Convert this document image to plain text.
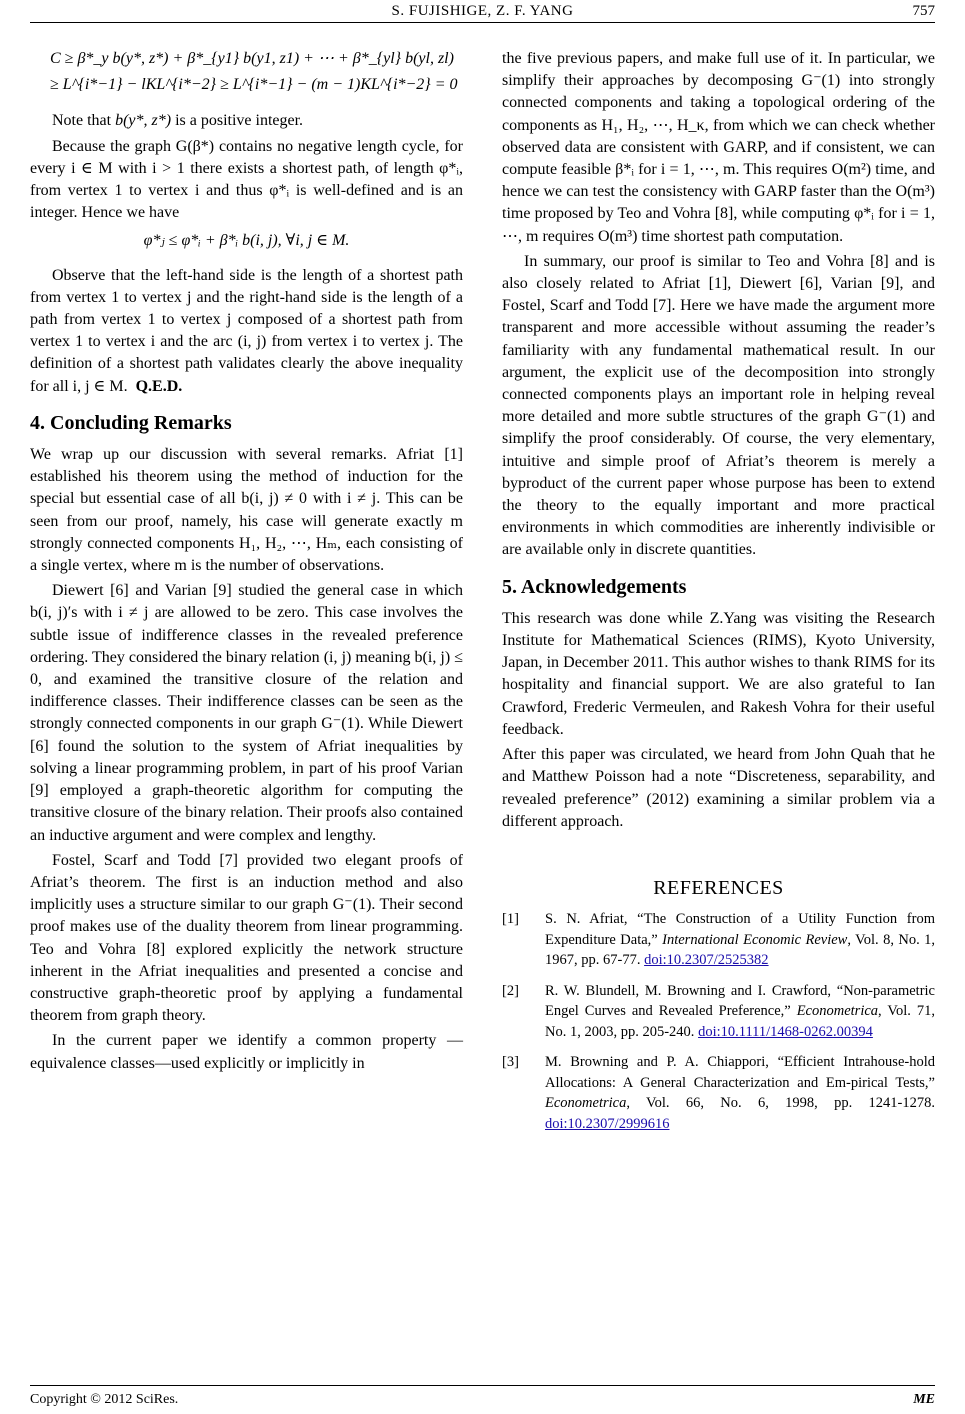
S. FUJISHIGE, Z. F. YANG	757
C ≥ β*_y b(y*, z*) + β*_{y1} b(y1, z1) + ⋯ + β*_{yl} b(yl, zl)
≥ L^{i*−1} − lKL^{i*−2} ≥ L^{i*−1} − (m − 1)KL^{i*−2} = 0

Note that b(y*, z*) is a positive integer.

Because the graph G(β*) contains no negative length cycle, for every i ∈ M with i > 1 there exists a shortest path, of length φ*ᵢ, from vertex 1 to vertex i and thus φ*ᵢ is well-defined and is an integer. Hence we have

φ*ⱼ ≤ φ*ᵢ + β*ᵢ b(i, j), ∀i, j ∈ M.

Observe that the left-hand side is the length of a shortest path from vertex 1 to vertex j and the right-hand side is the length of a path from vertex 1 to vertex j composed of a shortest path from vertex 1 to vertex i and the arc (i, j) from vertex i to vertex j. The definition of a shortest path validates clearly the above inequality for all i, j ∈ M. Q.E.D.

4. Concluding Remarks

We wrap up our discussion with several remarks. Afriat [1] established his theorem using the method of induction for the special but essential case of all b(i, j) ≠ 0 with i ≠ j. This can be seen from our proof, namely, his case will generate exactly m strongly connected components H₁, H₂, ⋯, Hₘ, each consisting of a single vertex, where m is the number of observations.

Diewert [6] and Varian [9] studied the general case in which b(i, j)′s with i ≠ j are allowed to be zero. This case involves the subtle issue of indifference classes in the revealed preference ordering. They considered the binary relation (i, j) meaning b(i, j) ≤ 0, and examined the transitive closure of the relation and indifference classes. Their indifference classes can be seen as the strongly connected components in our graph G⁻(1). While Diewert [6] found the solution to the system of Afriat inequalities by solving a linear programming problem, in part of his proof Varian [9] employed a graph-theoretic algorithm for computing the transitive closure of the binary relation. Their proofs also contained an inductive argument and were complex and lengthy.

Fostel, Scarf and Todd [7] provided two elegant proofs of Afriat’s theorem. The first is an induction method and also implicitly uses a structure similar to our graph G⁻(1). Their second proof makes use of the duality theorem from linear programming. Teo and Vohra [8] explored explicitly the network structure inherent in the Afriat inequalities and presented a concise and constructive graph-theoretic proof by applying a fundamental theorem from graph theory.

In the current paper we identify a common property —equivalence classes—used explicitly or implicitly in

the five previous papers, and make full use of it. In particular, we simplify their approaches by decomposing G⁻(1) into strongly connected components and taking a topological ordering of the components as H₁, H₂, ⋯, H_κ, from which we can check whether observed data are consistent with GARP, and if consistent, we can compute feasible β*ᵢ for i = 1, ⋯, m. This requires O(m²) time, and hence we can test the consistency with GARP faster than the O(m³) time proposed by Teo and Vohra [8], while computing φ*ᵢ for i = 1, ⋯, m requires O(m³) time shortest path computation.

In summary, our proof is similar to Teo and Vohra [8] and is also closely related to Afriat [1], Diewert [6], Varian [9], and Fostel, Scarf and Todd [7]. Here we have made the argument more transparent and more accessible without assuming the reader’s familiarity with any fundamental mathematical result. In our argument, the explicit use of the decomposition into strongly connected components plays an important role in helping reveal more detailed and more subtle structures of the graph G⁻(1) and simplify the proof considerably. Of course, the very elementary, intuitive and simple proof of Afriat’s theorem is merely a byproduct of the current paper whose purpose has been to extend the theory to the equally important and more practical environments in which commodities are inherently indivisible or are available only in discrete quantities.

5. Acknowledgements

This research was done while Z.Yang was visiting the Research Institute for Mathematical Sciences (RIMS), Kyoto University, Japan, in December 2011. This author wishes to thank RIMS for its hospitality and financial support. We are also grateful to Ian Crawford, Frederic Vermeulen, and Rakesh Vohra for their useful feedback.

After this paper was circulated, we heard from John Quah that he and Matthew Poisson had a note “Discreteness, separability, and revealed preference” (2012) examining a similar problem via a different approach.

REFERENCES
[1]	S. N. Afriat, “The Construction of a Utility Function from Expenditure Data,” International Economic Review, Vol. 8, No. 1, 1967, pp. 67-77. doi:10.2307/2525382
[2]	R. W. Blundell, M. Browning and I. Crawford, “Non-parametric Engel Curves and Revealed Preference,” Econometrica, Vol. 71, No. 1, 2003, pp. 205-240. doi:10.1111/1468-0262.00394
[3]	M. Browning and P. A. Chiappori, “Efficient Intrahouse-hold Allocations: A General Characterization and Em-pirical Tests,” Econometrica, Vol. 66, No. 6, 1998, pp. 1241-1278. doi:10.2307/2999616
Copyright © 2012 SciRes.	ME
